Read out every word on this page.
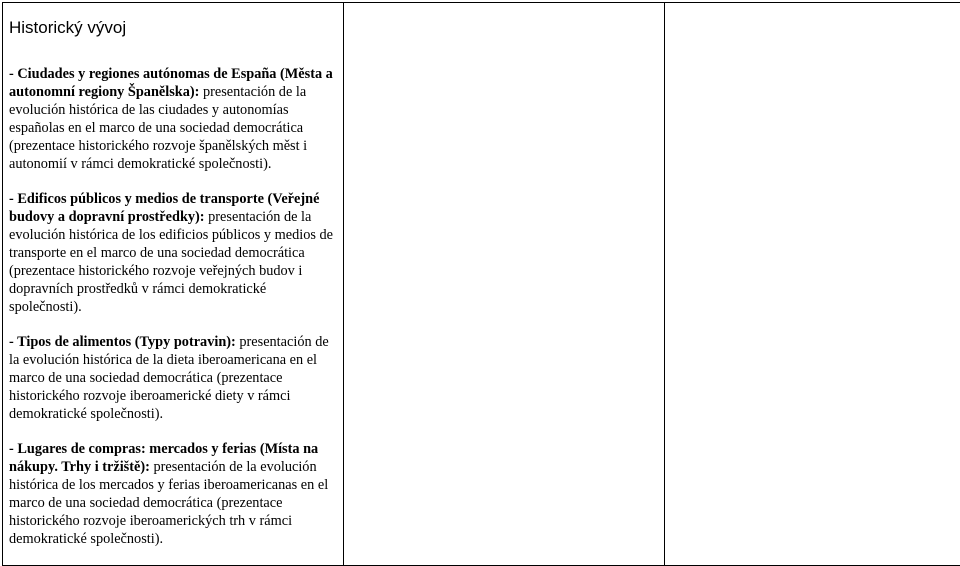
Historický vývoj

- Ciudades y regiones autónomas de España (Města a autonomní regiony Španělska): presentación de la evolución histórica de las ciudades y autonomías españolas en el marco de una sociedad democrática (prezentace historického rozvoje španělských měst i autonomií v rámci demokratické společnosti).

- Edificos públicos y medios de transporte (Veřejné budovy a dopravní prostředky): presentación de la evolución histórica de los edificios públicos y medios de transporte en el marco de una sociedad democrática (prezentace historického rozvoje veřejných budov i dopravních prostředků v rámci demokratické společnosti).

- Tipos de alimentos (Typy potravin): presentación de la evolución histórica de la dieta iberoamericana en el marco de una sociedad democrática (prezentace historického rozvoje iberoamerické diety v rámci demokratické společnosti).

- Lugares de compras: mercados y ferias (Místa na nákupy. Trhy i tržiště): presentación de la evolución histórica de los mercados y ferias iberoamericanas en el marco de una sociedad democrática (prezentace historického rozvoje iberoamerických trh v rámci demokratické společnosti).
